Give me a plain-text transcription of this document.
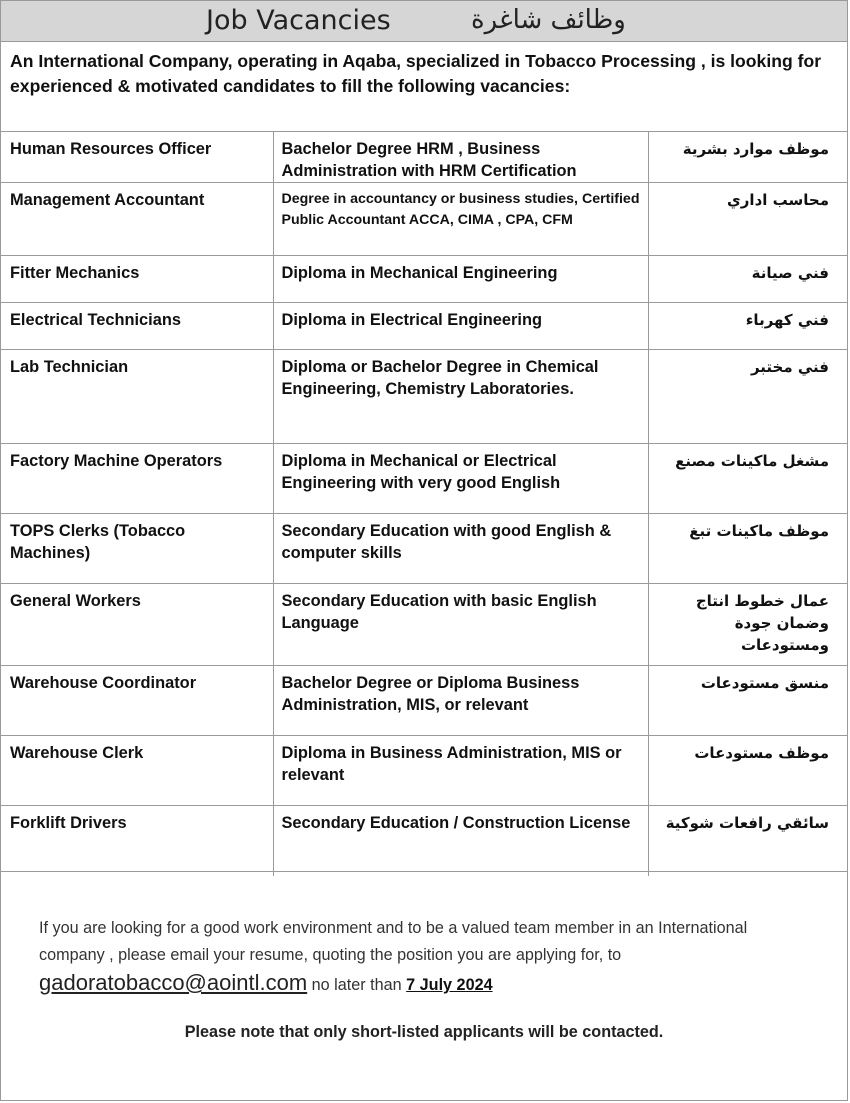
Job Vacancies	وظائف شاغرة
An International Company, operating in Aqaba, specialized in Tobacco Processing , is looking for experienced & motivated candidates to fill the following vacancies:
Human Resources Officer	Bachelor Degree HRM , Business Administration with HRM Certification	موظف موارد بشرية
Management Accountant	Degree in accountancy or business studies, Certified Public Accountant ACCA, CIMA , CPA, CFM	محاسب اداري
Fitter Mechanics	Diploma in Mechanical Engineering	فني صيانة
Electrical Technicians	Diploma in Electrical Engineering	فني كهرباء
Lab Technician	Diploma or Bachelor Degree in Chemical Engineering, Chemistry Laboratories.	فني مختبر
Factory Machine Operators	Diploma in Mechanical or Electrical Engineering with very good English	مشغل ماكينات مصنع
TOPS Clerks (Tobacco Machines)	Secondary Education with good English & computer skills	موظف ماكينات تبغ
General Workers	Secondary Education with basic English Language	عمال خطوط انتاج وضمان جودة ومستودعات
Warehouse Coordinator	Bachelor Degree or Diploma Business Administration, MIS, or relevant	منسق مستودعات
Warehouse Clerk	Diploma in Business Administration, MIS or relevant	موظف مستودعات
Forklift Drivers	Secondary Education / Construction License	سائقي رافعات شوكية
If you are looking for a good work environment and to be a valued team member in an International company , please email your resume, quoting the position you are applying for, to gadoratobacco@aointl.com no later than 7 July 2024
Please note that only short-listed applicants will be contacted.
